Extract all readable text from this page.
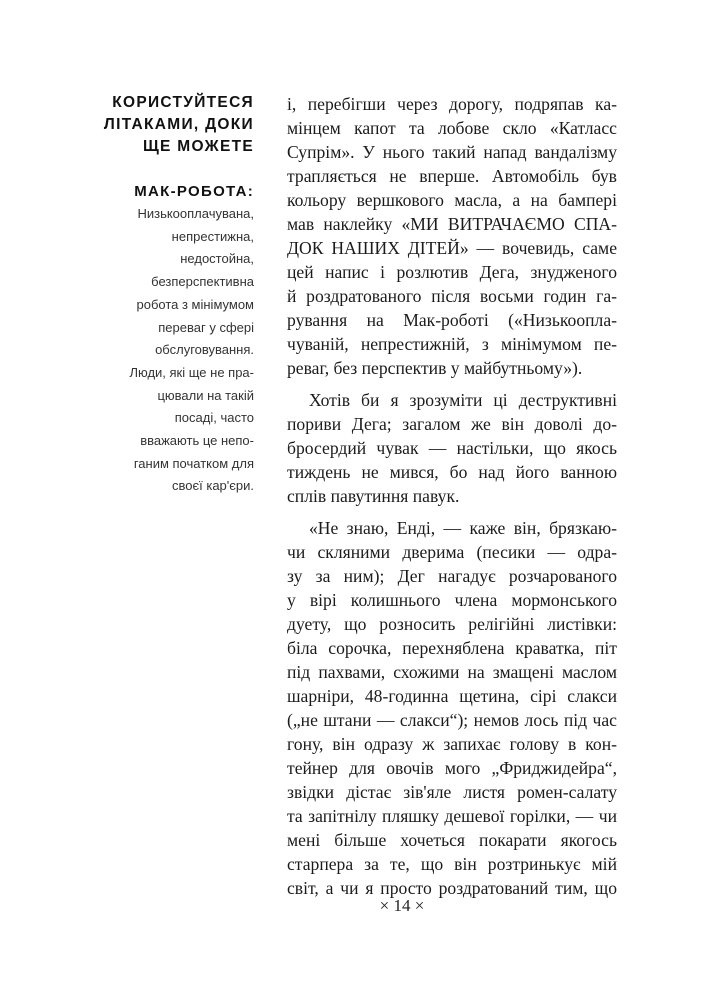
КОРИСТУЙТЕСЯ
ЛІТАКАМИ, ДОКИ
ЩЕ МОЖЕТЕ
МАК-РОБОТА:
Низькооплачувана,
непрестижна,
недостойна,
безперспективна
робота з мінімумом
переваг у сфері
обслуговування.
Люди, які ще не пра-
цювали на такій
посаді, часто
вважають це непо-
ганим початком для
своєї кар'єри.

і, перебігши через дорогу, подряпав ка-
мінцем капот та лобове скло «Катласс
Супрім». У нього такий напад вандалізму
трапляється не вперше. Автомобіль був
кольору вершкового масла, а на бампері
мав наклейку «МИ ВИТРАЧАЄМО СПА-
ДОК НАШИХ ДІТЕЙ» — вочевидь, саме
цей напис і розлютив Дега, знудженого
й роздратованого після восьми годин га-
рування на Мак-роботі («Низькоопла-
чуваній, непрестижній, з мінімумом пе-
реваг, без перспектив у майбутньому»).

Хотів би я зрозуміти ці деструктивні
пориви Дега; загалом же він доволі до-
бросердий чувак — настільки, що якось
тиждень не мився, бо над його ванною
сплів павутиння павук.

«Не знаю, Енді, — каже він, брязкаю-
чи скляними дверима (песики — одра-
зу за ним); Дег нагадує розчарованого
у вірі колишнього члена мормонського
дуету, що розносить релігійні листівки:
біла сорочка, перехняблена краватка, піт
під пахвами, схожими на змащені маслом
шарніри, 48-годинна щетина, сірі слакси
(„не штани — слакси“); немов лось під час
гону, він одразу ж запихає голову в кон-
тейнер для овочів мого „Фриджидейра“,
звідки дістає зів'яле листя ромен-салату
та запітнілу пляшку дешевої горілки, — чи
мені більше хочеться покарати якогось
старпера за те, що він розтринькує мій
світ, а чи я просто роздратований тим, що

× 14 ×
